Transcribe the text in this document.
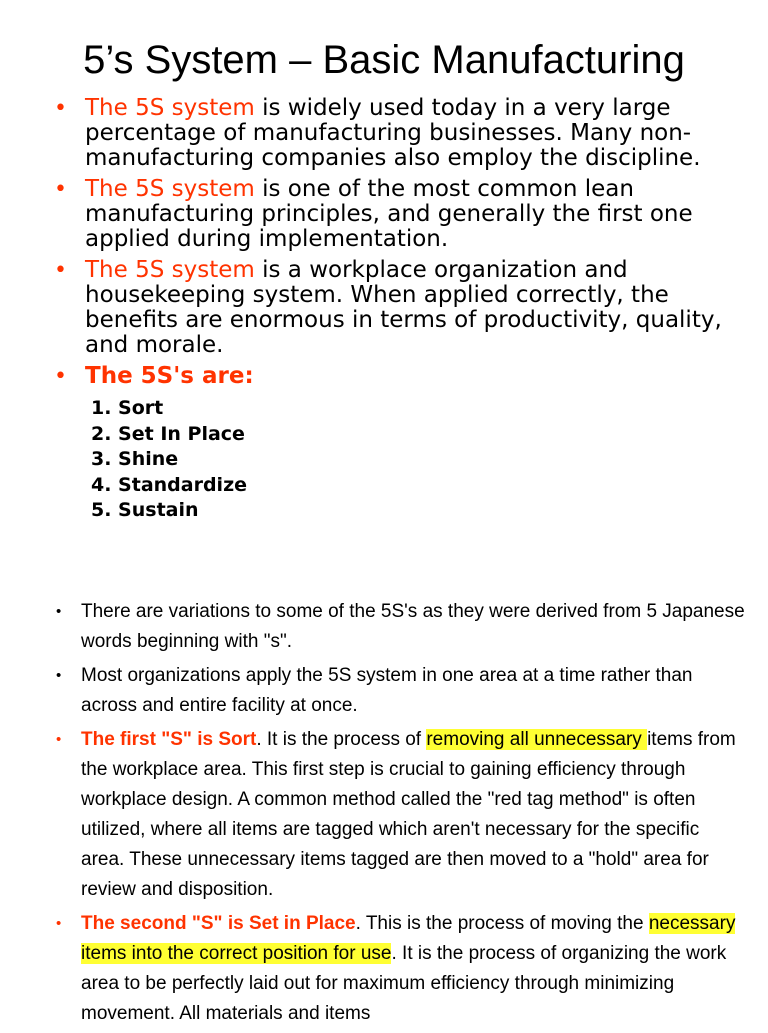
5’s System – Basic Manufacturing
• The 5S system is widely used today in a very large percentage of manufacturing businesses. Many non-manufacturing companies also employ the discipline.
• The 5S system is one of the most common lean manufacturing principles, and generally the first one applied during implementation.
• The 5S system is a workplace organization and housekeeping system. When applied correctly, the benefits are enormous in terms of productivity, quality, and morale.
• The 5S's are:
1. Sort
2. Set In Place
3. Shine
4. Standardize
5. Sustain
• There are variations to some of the 5S's as they were derived from 5 Japanese words beginning with "s".
• Most organizations apply the 5S system in one area at a time rather than across and entire facility at once.
• The first "S" is Sort. It is the process of removing all unnecessary items from the workplace area. This first step is crucial to gaining efficiency through workplace design. A common method called the "red tag method" is often utilized, where all items are tagged which aren't necessary for the specific area. These unnecessary items tagged are then moved to a "hold" area for review and disposition.
• The second "S" is Set in Place. This is the process of moving the necessary items into the correct position for use. It is the process of organizing the work area to be perfectly laid out for maximum efficiency through minimizing movement. All materials and items
